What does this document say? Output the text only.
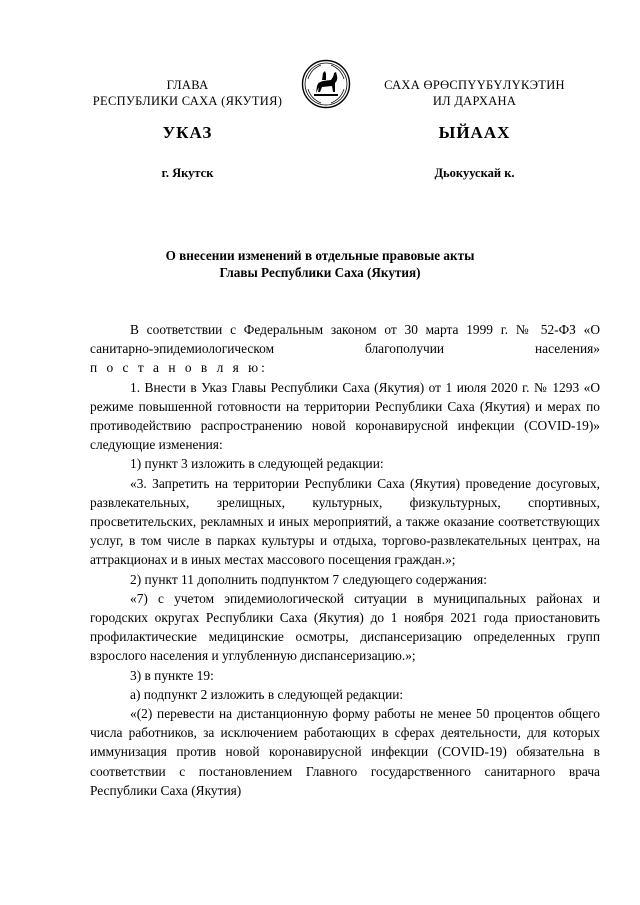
ГЛАВА
РЕСПУБЛИКИ САХА (ЯКУТИЯ)
САХА ӨРӨСПҮҮБҮЛҮКЭТИН
ИЛ ДАРХАНА
УКАЗ	ЫЙААХ
г. Якутск	Дьокуускай к.
О внесении изменений в отдельные правовые акты
Главы Республики Саха (Якутия)

В соответствии с Федеральным законом от 30 марта 1999 г. № 52-ФЗ «О санитарно-эпидемиологическом благополучии населения»

п о с т а н о в л я ю:

1. Внести в Указ Главы Республики Саха (Якутия) от 1 июля 2020 г. № 1293 «О режиме повышенной готовности на территории Республики Саха (Якутия) и мерах по противодействию распространению новой коронавирусной инфекции (COVID-19)» следующие изменения:

1) пункт 3 изложить в следующей редакции:

«3. Запретить на территории Республики Саха (Якутия) проведение досуговых, развлекательных, зрелищных, культурных, физкультурных, спортивных, просветительских, рекламных и иных мероприятий, а также оказание соответствующих услуг, в том числе в парках культуры и отдыха, торгово-развлекательных центрах, на аттракционах и в иных местах массового посещения граждан.»;

2) пункт 11 дополнить подпунктом 7 следующего содержания:

«7) с учетом эпидемиологической ситуации в муниципальных районах и городских округах Республики Саха (Якутия) до 1 ноября 2021 года приостановить профилактические медицинские осмотры, диспансеризацию определенных групп взрослого населения и углубленную диспансеризацию.»;

3) в пункте 19:

а) подпункт 2 изложить в следующей редакции:

«(2) перевести на дистанционную форму работы не менее 50 процентов общего числа работников, за исключением работающих в сферах деятельности, для которых иммунизация против новой коронавирусной инфекции (COVID-19) обязательна в соответствии с постановлением Главного государственного санитарного врача Республики Саха (Якутия)
